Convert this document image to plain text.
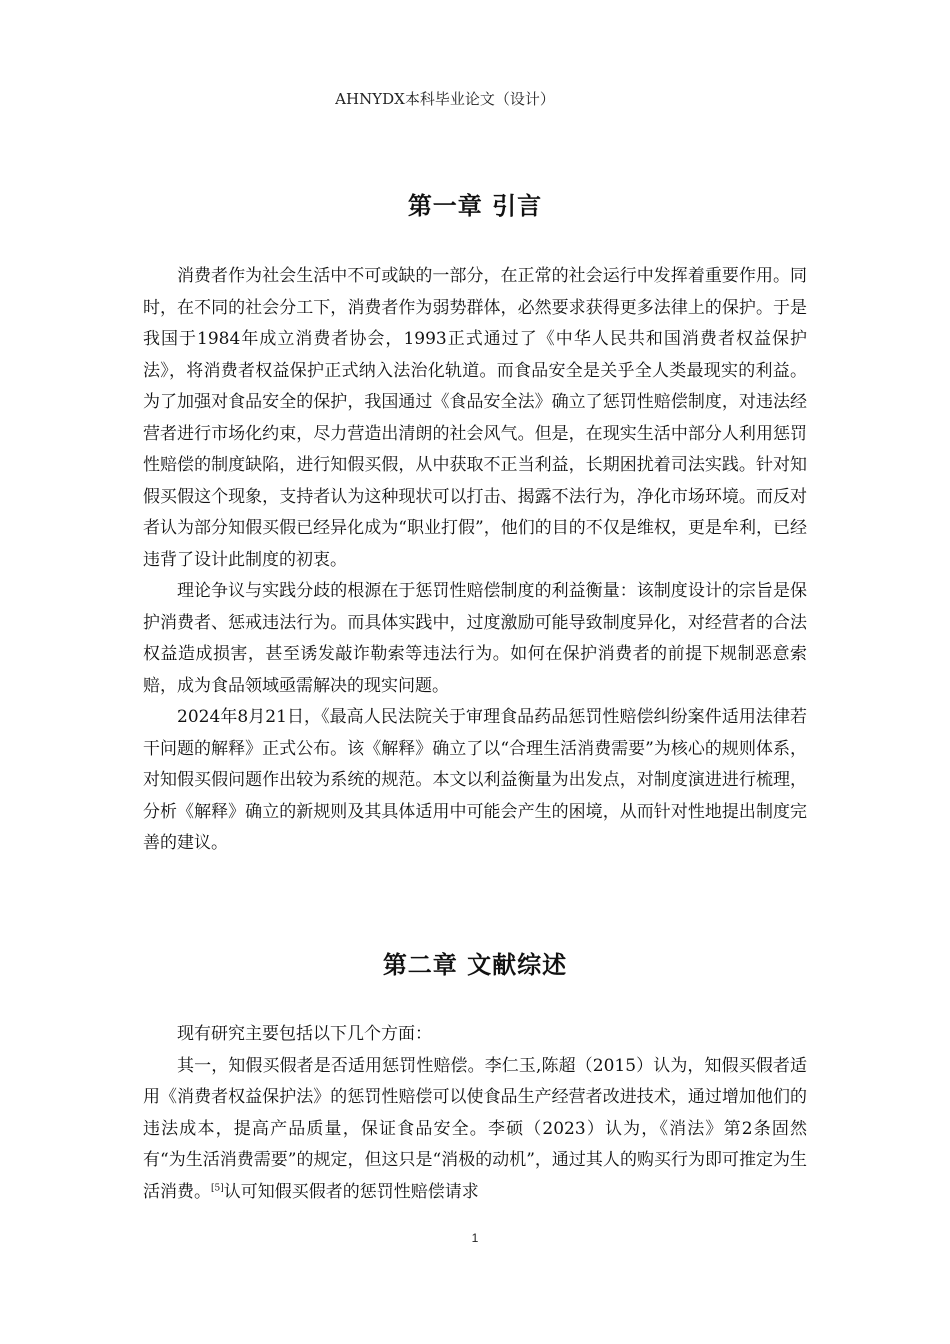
AHNYDX本科毕业论文（设计）
第一章 引言

消费者作为社会生活中不可或缺的一部分，在正常的社会运行中发挥着重要作用。同时，在不同的社会分工下，消费者作为弱势群体，必然要求获得更多法律上的保护。于是我国于1984年成立消费者协会，1993正式通过了《中华人民共和国消费者权益保护法》，将消费者权益保护正式纳入法治化轨道。而食品安全是关乎全人类最现实的利益。为了加强对食品安全的保护，我国通过《食品安全法》确立了惩罚性赔偿制度，对违法经营者进行市场化约束，尽力营造出清朗的社会风气。但是，在现实生活中部分人利用惩罚性赔偿的制度缺陷，进行知假买假，从中获取不正当利益，长期困扰着司法实践。针对知假买假这个现象，支持者认为这种现状可以打击、揭露不法行为，净化市场环境。而反对者认为部分知假买假已经异化成为“职业打假”，他们的目的不仅是维权，更是牟利，已经违背了设计此制度的初衷。

理论争议与实践分歧的根源在于惩罚性赔偿制度的利益衡量：该制度设计的宗旨是保护消费者、惩戒违法行为。而具体实践中，过度激励可能导致制度异化，对经营者的合法权益造成损害，甚至诱发敲诈勒索等违法行为。如何在保护消费者的前提下规制恶意索赔，成为食品领域亟需解决的现实问题。

2024年8月21日，《最高人民法院关于审理食品药品惩罚性赔偿纠纷案件适用法律若干问题的解释》正式公布。该《解释》确立了以“合理生活消费需要”为核心的规则体系，对知假买假问题作出较为系统的规范。本文以利益衡量为出发点，对制度演进进行梳理，分析《解释》确立的新规则及其具体适用中可能会产生的困境，从而针对性地提出制度完善的建议。

第二章 文献综述

现有研究主要包括以下几个方面：

其一，知假买假者是否适用惩罚性赔偿。李仁玉,陈超（2015）认为，知假买假者适用《消费者权益保护法》的惩罚性赔偿可以使食品生产经营者改进技术，通过增加他们的违法成本，提高产品质量，保证食品安全。李硕（2023）认为，《消法》第2条固然有“为生活消费需要”的规定，但这只是“消极的动机”，通过其人的购买行为即可推定为生活消费。[5]认可知假买假者的惩罚性赔偿请求

1
